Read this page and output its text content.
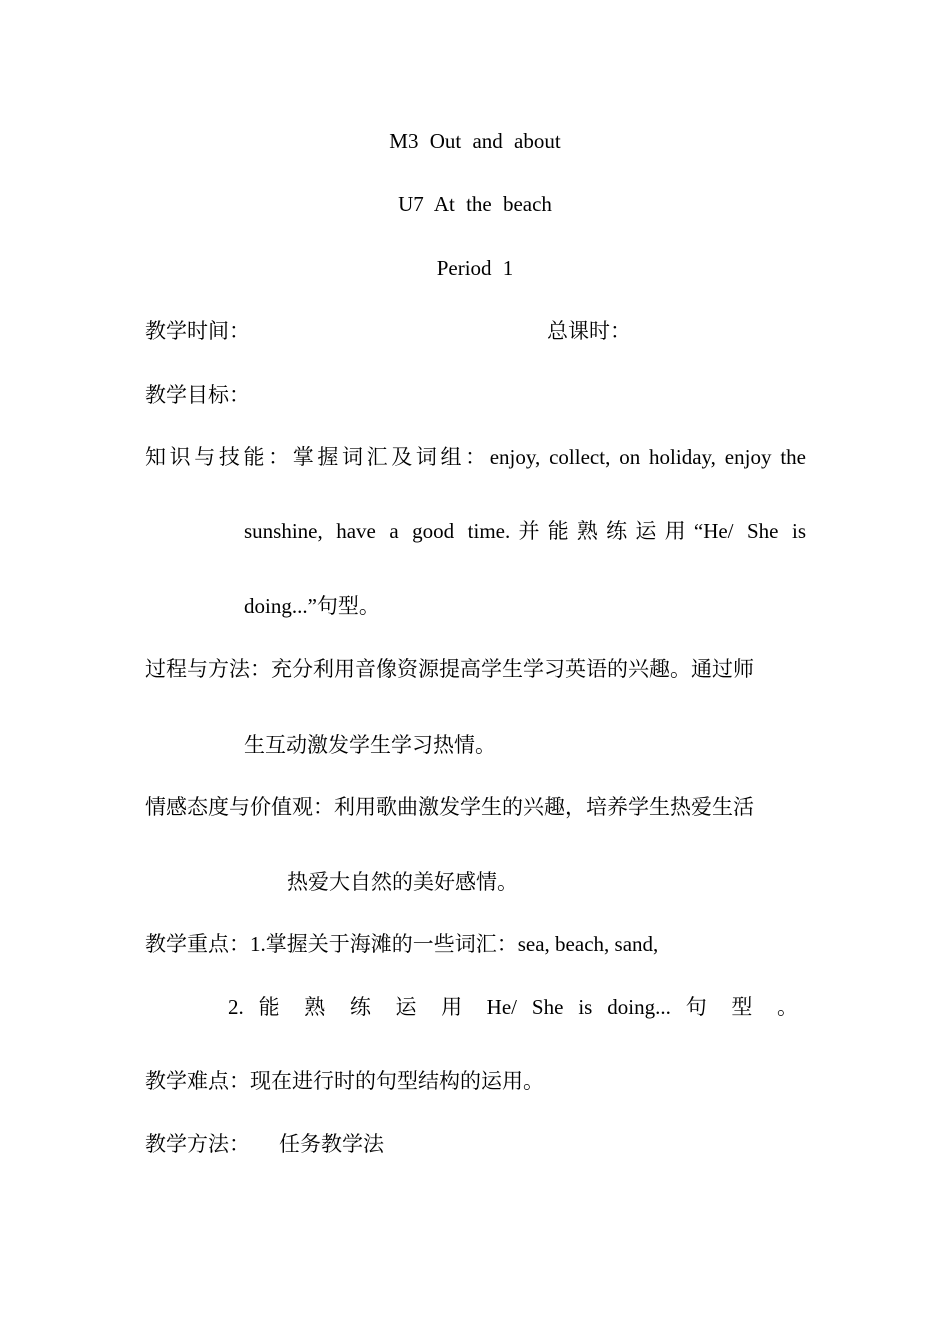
M3 Out and about
U7 At the beach
Period 1
教学时间：	总课时：
教学目标：
知识与技能：掌握词汇及词组：enjoy, collect, on holiday, enjoy the
sunshine, have a good time.并能熟练运用“He/ She is
doing...”句型。
过程与方法：充分利用音像资源提高学生学习英语的兴趣。通过师
生互动激发学生学习热情。
情感态度与价值观：利用歌曲激发学生的兴趣，培养学生热爱生活
热爱大自然的美好感情。
教学重点：1.掌握关于海滩的一些词汇：sea, beach, sand,
2. 能 熟 练 运 用 He/ She is doing... 句 型 。
教学难点：现在进行时的句型结构的运用。
教学方法： 任务教学法
